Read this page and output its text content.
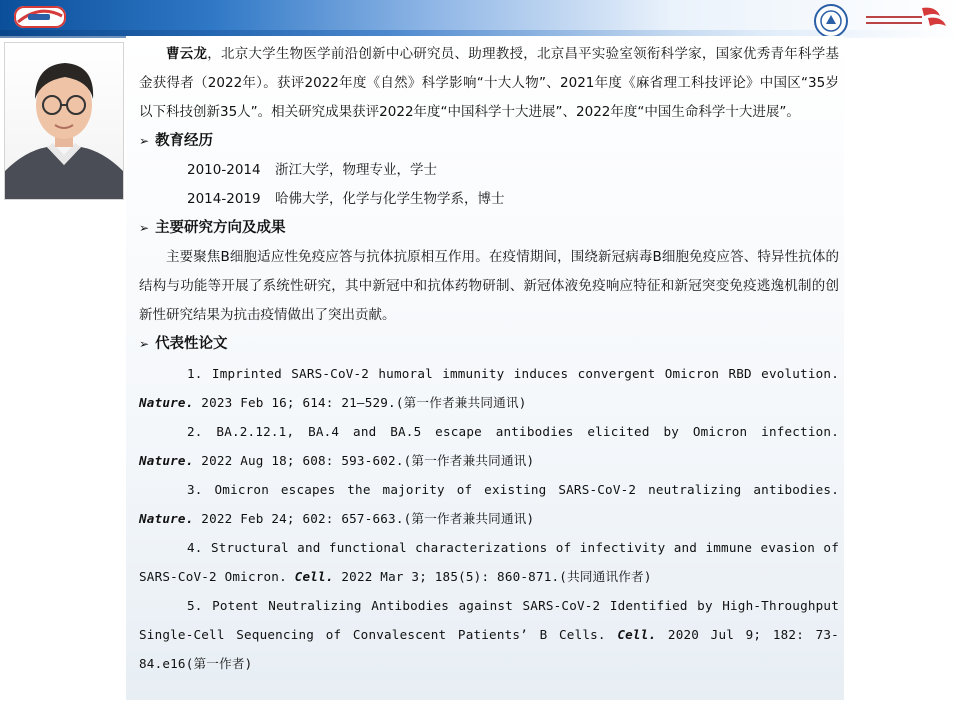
曹云龙，北京大学生物医学前沿创新中心研究员、助理教授，北京昌平实验室领衔科学家，国家优秀青年科学基金获得者（2022年）。获评2022年度《自然》科学影响“十大人物”、2021年度《麻省理工科技评论》中国区“35岁以下科技创新35人”。相关研究成果获评2022年度“中国科学十大进展”、2022年度“中国生命科学十大进展”。

➢ 教育经历

2010-2014 浙江大学，物理专业，学士

2014-2019 哈佛大学，化学与化学生物学系，博士

➢ 主要研究方向及成果

主要聚焦B细胞适应性免疫应答与抗体抗原相互作用。在疫情期间，围绕新冠病毒B细胞免疫应答、特异性抗体的结构与功能等开展了系统性研究，其中新冠中和抗体药物研制、新冠体液免疫响应特征和新冠突变免疫逃逸机制的创新性研究结果为抗击疫情做出了突出贡献。

➢ 代表性论文

1. Imprinted SARS-CoV-2 humoral immunity induces convergent Omicron RBD evolution. Nature. 2023 Feb 16; 614: 21–529.(第一作者兼共同通讯)

2. BA.2.12.1, BA.4 and BA.5 escape antibodies elicited by Omicron infection. Nature. 2022 Aug 18; 608: 593-602.(第一作者兼共同通讯)

3. Omicron escapes the majority of existing SARS-CoV-2 neutralizing antibodies. Nature. 2022 Feb 24; 602: 657-663.(第一作者兼共同通讯)

4. Structural and functional characterizations of infectivity and immune evasion of SARS-CoV-2 Omicron. Cell. 2022 Mar 3; 185(5): 860-871.(共同通讯作者)

5. Potent Neutralizing Antibodies against SARS-CoV-2 Identified by High-Throughput Single-Cell Sequencing of Convalescent Patients’ B Cells. Cell. 2020 Jul 9; 182: 73-84.e16(第一作者)
